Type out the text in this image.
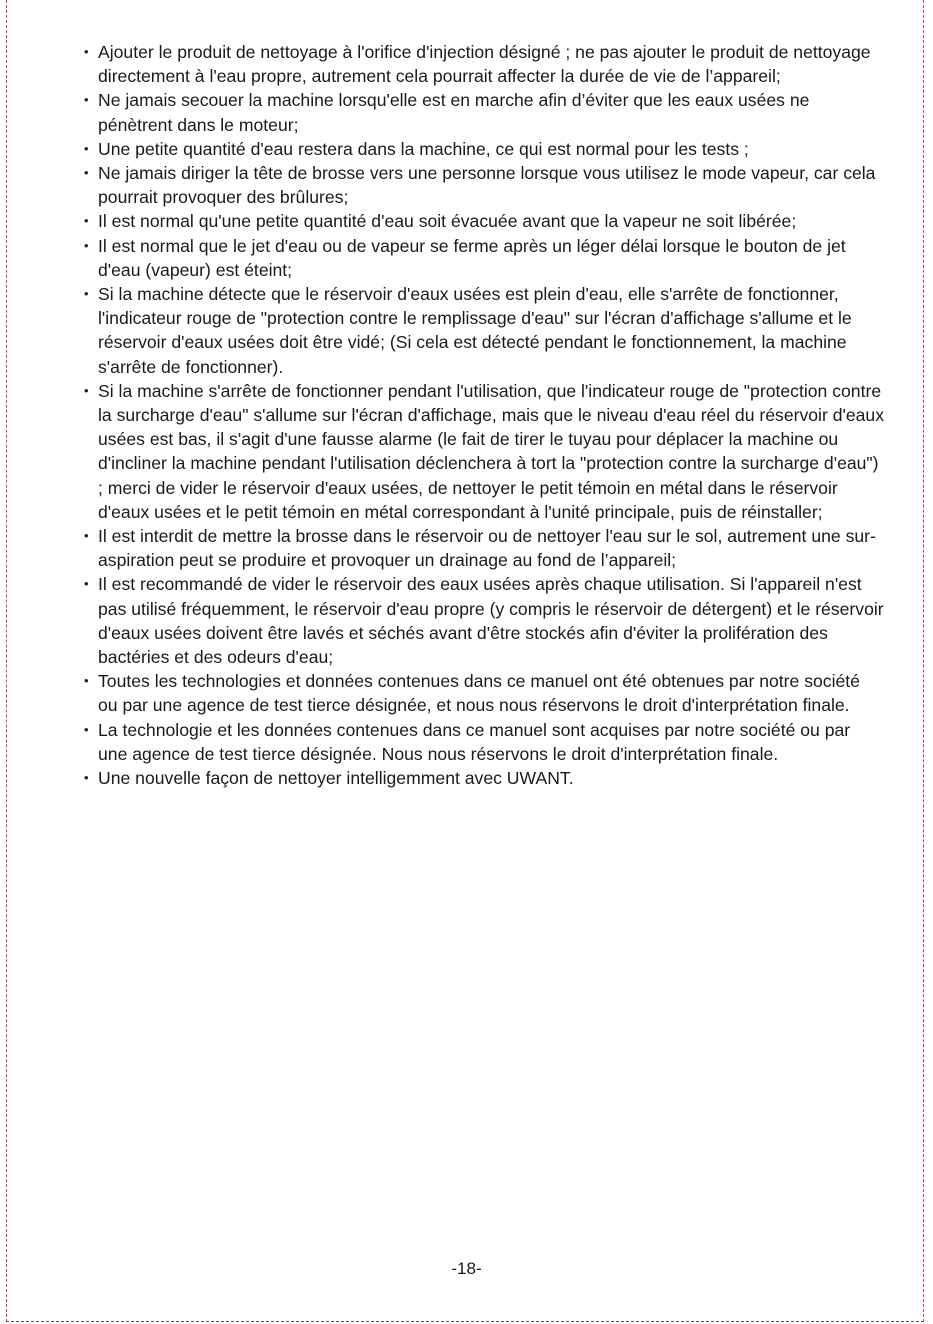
• Ajouter le produit de nettoyage à l'orifice d'injection désigné ; ne pas ajouter le produit de nettoyage directement à l'eau propre, autrement cela pourrait affecter la durée de vie de l’appareil;
• Ne jamais secouer la machine lorsqu'elle est en marche afin d’éviter que les eaux usées ne pénètrent dans le moteur;
• Une petite quantité d'eau restera dans la machine, ce qui est normal pour les tests ;
• Ne jamais diriger la tête de brosse vers une personne lorsque vous utilisez le mode vapeur, car cela pourrait provoquer des brûlures;
• Il est normal qu'une petite quantité d'eau soit évacuée avant que la vapeur ne soit libérée;
• Il est normal que le jet d'eau ou de vapeur se ferme après un léger délai lorsque le bouton de jet d'eau (vapeur) est éteint;
• Si la machine détecte que le réservoir d'eaux usées est plein d'eau, elle s'arrête de fonctionner, l'indicateur rouge de "protection contre le remplissage d'eau" sur l'écran d'affichage s'allume et le réservoir d'eaux usées doit être vidé; (Si cela est détecté pendant le fonctionnement, la machine s'arrête de fonctionner).
• Si la machine s'arrête de fonctionner pendant l'utilisation, que l'indicateur rouge de "protection contre la surcharge d'eau" s'allume sur l'écran d'affichage, mais que le niveau d'eau réel du réservoir d'eaux usées est bas, il s'agit d'une fausse alarme (le fait de tirer le tuyau pour déplacer la machine ou d'incliner la machine pendant l'utilisation déclenchera à tort la "protection contre la surcharge d'eau") ; merci de vider le réservoir d'eaux usées, de nettoyer le petit témoin en métal dans le réservoir d'eaux usées et le petit témoin en métal correspondant à l'unité principale, puis de réinstaller;
• Il est interdit de mettre la brosse dans le réservoir ou de nettoyer l'eau sur le sol, autrement une sur-aspiration peut se produire et provoquer un drainage au fond de l’appareil;
• Il est recommandé de vider le réservoir des eaux usées après chaque utilisation. Si l'appareil n'est pas utilisé fréquemment, le réservoir d'eau propre (y compris le réservoir de détergent) et le réservoir d'eaux usées doivent être lavés et séchés avant d'être stockés afin d'éviter la prolifération des bactéries et des odeurs d'eau;
• Toutes les technologies et données contenues dans ce manuel ont été obtenues par notre société ou par une agence de test tierce désignée, et nous nous réservons le droit d'interprétation finale.
• La technologie et les données contenues dans ce manuel sont acquises par notre société ou par une agence de test tierce désignée. Nous nous réservons le droit d'interprétation finale.
• Une nouvelle façon de nettoyer intelligemment avec UWANT.
-18-
